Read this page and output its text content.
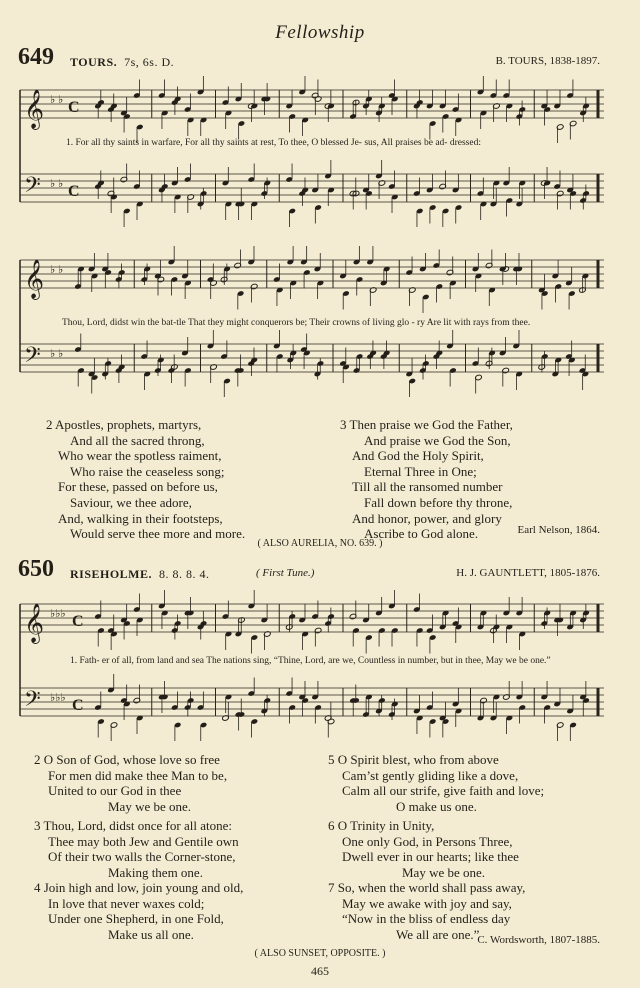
Fellowship
649 TOURS. 7s, 6s. D.	B. TOURS, 1838-1897.
𝄞
𝄢
♭ ♭
♭ ♭
C
C
1. For all thy saints in warfare, For all thy saints at rest, To thee, O blessed Je- sus, All praises be ad- dressed:
𝄞
𝄢
♭ ♭
♭ ♭
Thou, Lord, didst win the bat-tle That they might conquerors be; Their crowns of living glo - ry Are lit with rays from thee.
2 Apostles, prophets, martyrs,
And all the sacred throng,
Who wear the spotless raiment,
Who raise the ceaseless song;
For these, passed on before us,
Saviour, we thee adore,
And, walking in their footsteps,
Would serve thee more and more.
3 Then praise we God the Father,
And praise we God the Son,
And God the Holy Spirit,
Eternal Three in One;
Till all the ransomed number
Fall down before thy throne,
And honor, power, and glory
Ascribe to God alone.	Earl Nelson, 1864.
( ALSO AURELIA, NO. 639. )
650 RISEHOLME. 8. 8. 8. 4.	( First Tune.)	H. J. GAUNTLETT, 1805-1876.
𝄞
𝄢
♭♭♭
♭♭♭
C
C
1. Fath- er of all, from land and sea The nations sing, “Thine, Lord, are we, Countless in number, but in thee, May we be one.”
2 O Son of God, whose love so free
For men did make thee Man to be,
United to our God in thee
May we be one.
3 Thou, Lord, didst once for all atone:
Thee may both Jew and Gentile own
Of their two walls the Corner-stone,
Making them one.
4 Join high and low, join young and old,
In love that never waxes cold;
Under one Shepherd, in one Fold,
Make us all one.
5 O Spirit blest, who from above
Cam’st gently gliding like a dove,
Calm all our strife, give faith and love;
O make us one.
6 O Trinity in Unity,
One only God, in Persons Three,
Dwell ever in our hearts; like thee
May we be one.
7 So, when the world shall pass away,
May we awake with joy and say,
“Now in the bliss of endless day
We all are one.”
C. Wordsworth, 1807-1885.
( ALSO SUNSET, OPPOSITE. )
465
